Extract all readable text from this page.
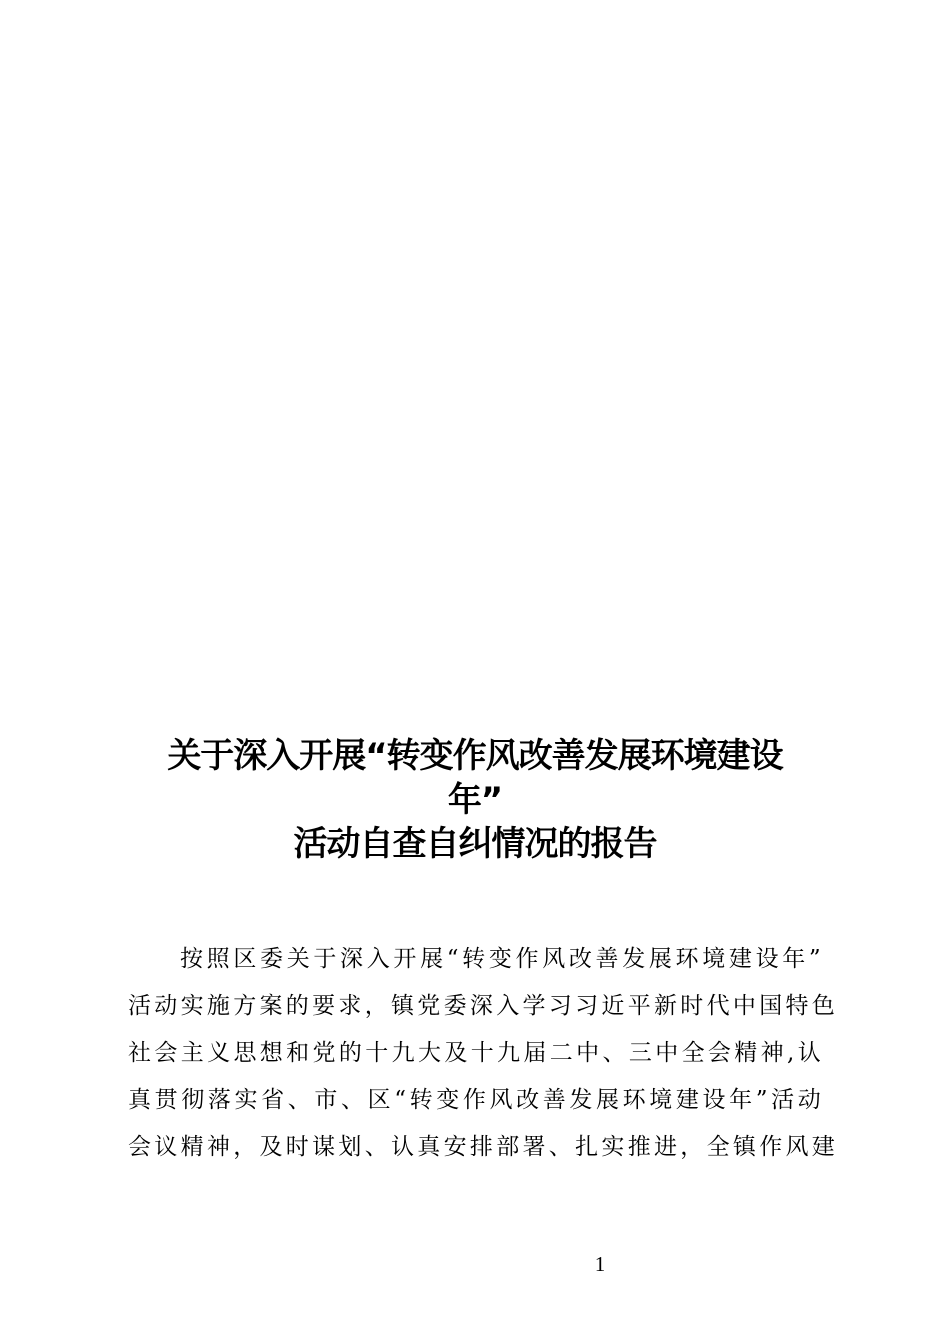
关于深入开展“转变作风改善发展环境建设
年”
活动自查自纠情况的报告
按照区委关于深入开展“转变作风改善发展环境建设年”
活动实施方案的要求，镇党委深入学习习近平新时代中国特色
社会主义思想和党的十九大及十九届二中、三中全会精神,认
真贯彻落实省、市、区“转变作风改善发展环境建设年”活动
会议精神，及时谋划、认真安排部署、扎实推进，全镇作风建
1
